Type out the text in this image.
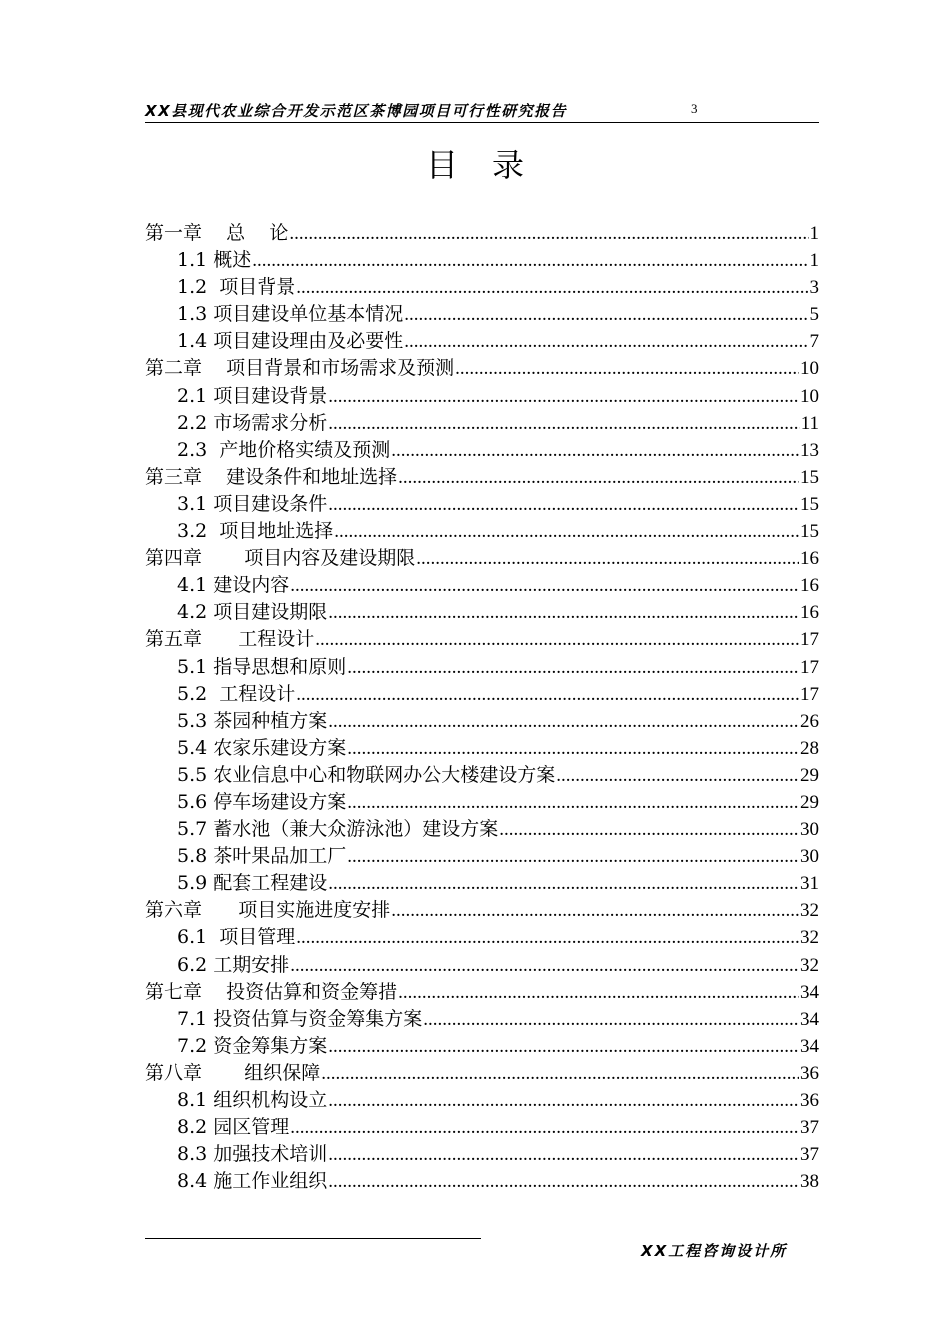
XX县现代农业综合开发示范区茶博园项目可行性研究报告	3
目录
第一章    总    论 .....	1
1.1 概述 .....	1
1.2  项目背景 .....	3
1.3 项目建设单位基本情况 .....	5
1.4 项目建设理由及必要性 .....	7
第二章    项目背景和市场需求及预测 .....	10
2.1 项目建设背景 .....	10
2.2 市场需求分析 .....	11
2.3  产地价格实绩及预测 .....	13
第三章    建设条件和地址选择 .....	15
3.1 项目建设条件 .....	15
3.2  项目地址选择 .....	15
第四章       项目内容及建设期限 .....	16
4.1 建设内容 .....	16
4.2 项目建设期限 .....	16
第五章      工程设计 .....	17
5.1 指导思想和原则 .....	17
5.2  工程设计 .....	17
5.3 茶园种植方案 .....	26
5.4 农家乐建设方案 .....	28
5.5 农业信息中心和物联网办公大楼建设方案 .....	29
5.6 停车场建设方案 .....	29
5.7 蓄水池（兼大众游泳池）建设方案 .....	30
5.8 茶叶果品加工厂 .....	30
5.9 配套工程建设 .....	31
第六章      项目实施进度安排 .....	32
6.1  项目管理 .....	32
6.2 工期安排 .....	32
第七章    投资估算和资金筹措 .....	34
7.1 投资估算与资金筹集方案 .....	34
7.2 资金筹集方案 .....	34
第八章       组织保障 .....	36
8.1 组织机构设立 .....	36
8.2 园区管理 .....	37
8.3 加强技术培训 .....	37
8.4 施工作业组织 .....	38
XX工程咨询设计所
